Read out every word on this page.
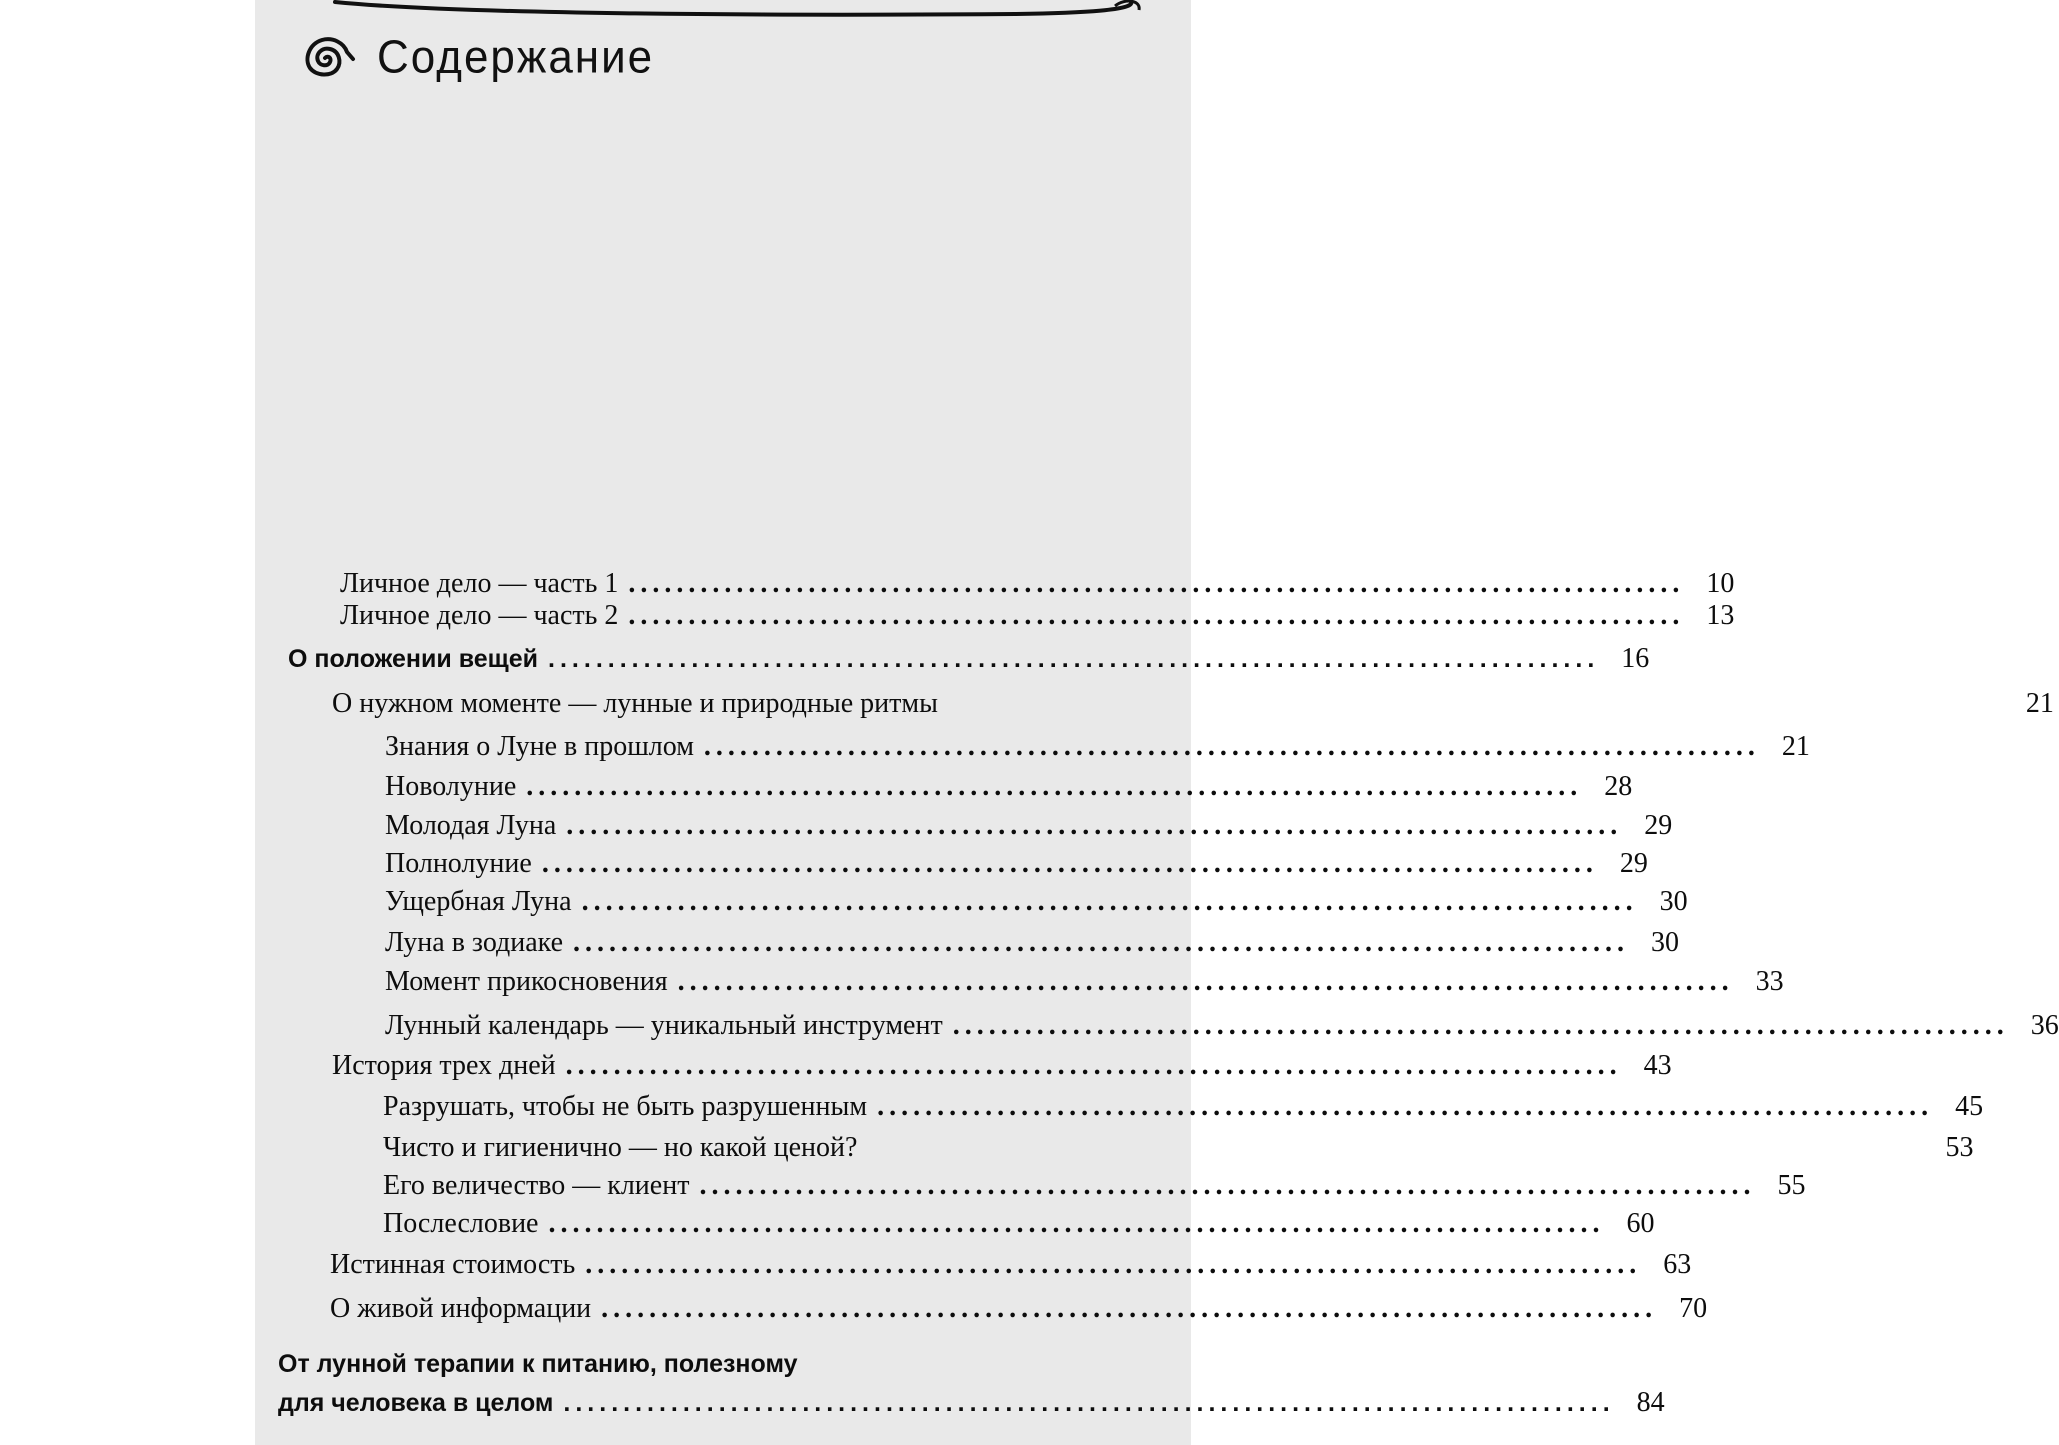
Содержание

Личное дело — часть 1 ........................................................................................ 10
Личное дело — часть 2 ........................................................................................ 13
О положении вещей ........................................................................................ 16
О нужном моменте — лунные и природные ритмы	21
Знания о Луне в прошлом ........................................................................................ 21
Новолуние ........................................................................................ 28
Молодая Луна ........................................................................................ 29
Полнолуние ........................................................................................ 29
Ущербная Луна ........................................................................................ 30
Луна в зодиаке ........................................................................................ 30
Момент прикосновения ........................................................................................ 33
Лунный календарь — уникальный инструмент ........................................................................................ 36
История трех дней ........................................................................................ 43
Разрушать, чтобы не быть разрушенным ........................................................................................ 45
Чисто и гигиенично — но какой ценой?	53
Его величество — клиент ........................................................................................ 55
Послесловие ........................................................................................ 60
Истинная стоимость ........................................................................................ 63
О живой информации ........................................................................................ 70
От лунной терапии к питанию, полезному
для человека в целом ........................................................................................ 84
